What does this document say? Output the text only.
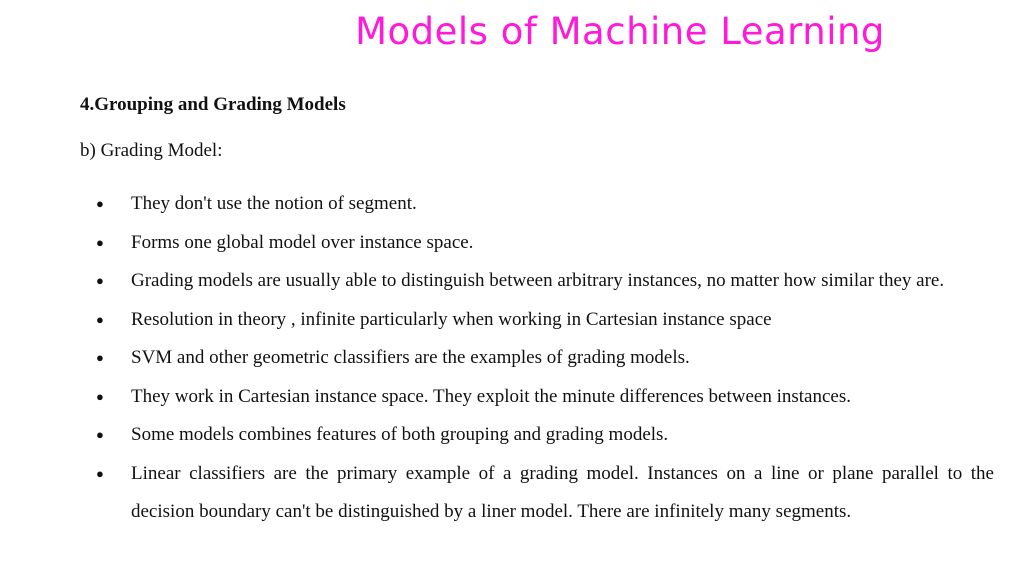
Models of Machine Learning
4.Grouping and Grading Models
b) Grading Model:
● They don't use the notion of segment.
● Forms one global model over instance space.
● Grading models are usually able to distinguish between arbitrary instances, no matter how similar they are.
● Resolution in theory , infinite particularly when working in Cartesian instance space
● SVM and other geometric classifiers are the examples of grading models.
● They work in Cartesian instance space. They exploit the minute differences between instances.
● Some models combines features of both grouping and grading models.
● Linear classifiers are the primary example of a grading model. Instances on a line or plane parallel to the decision boundary can't be distinguished by a liner model. There are infinitely many segments.
